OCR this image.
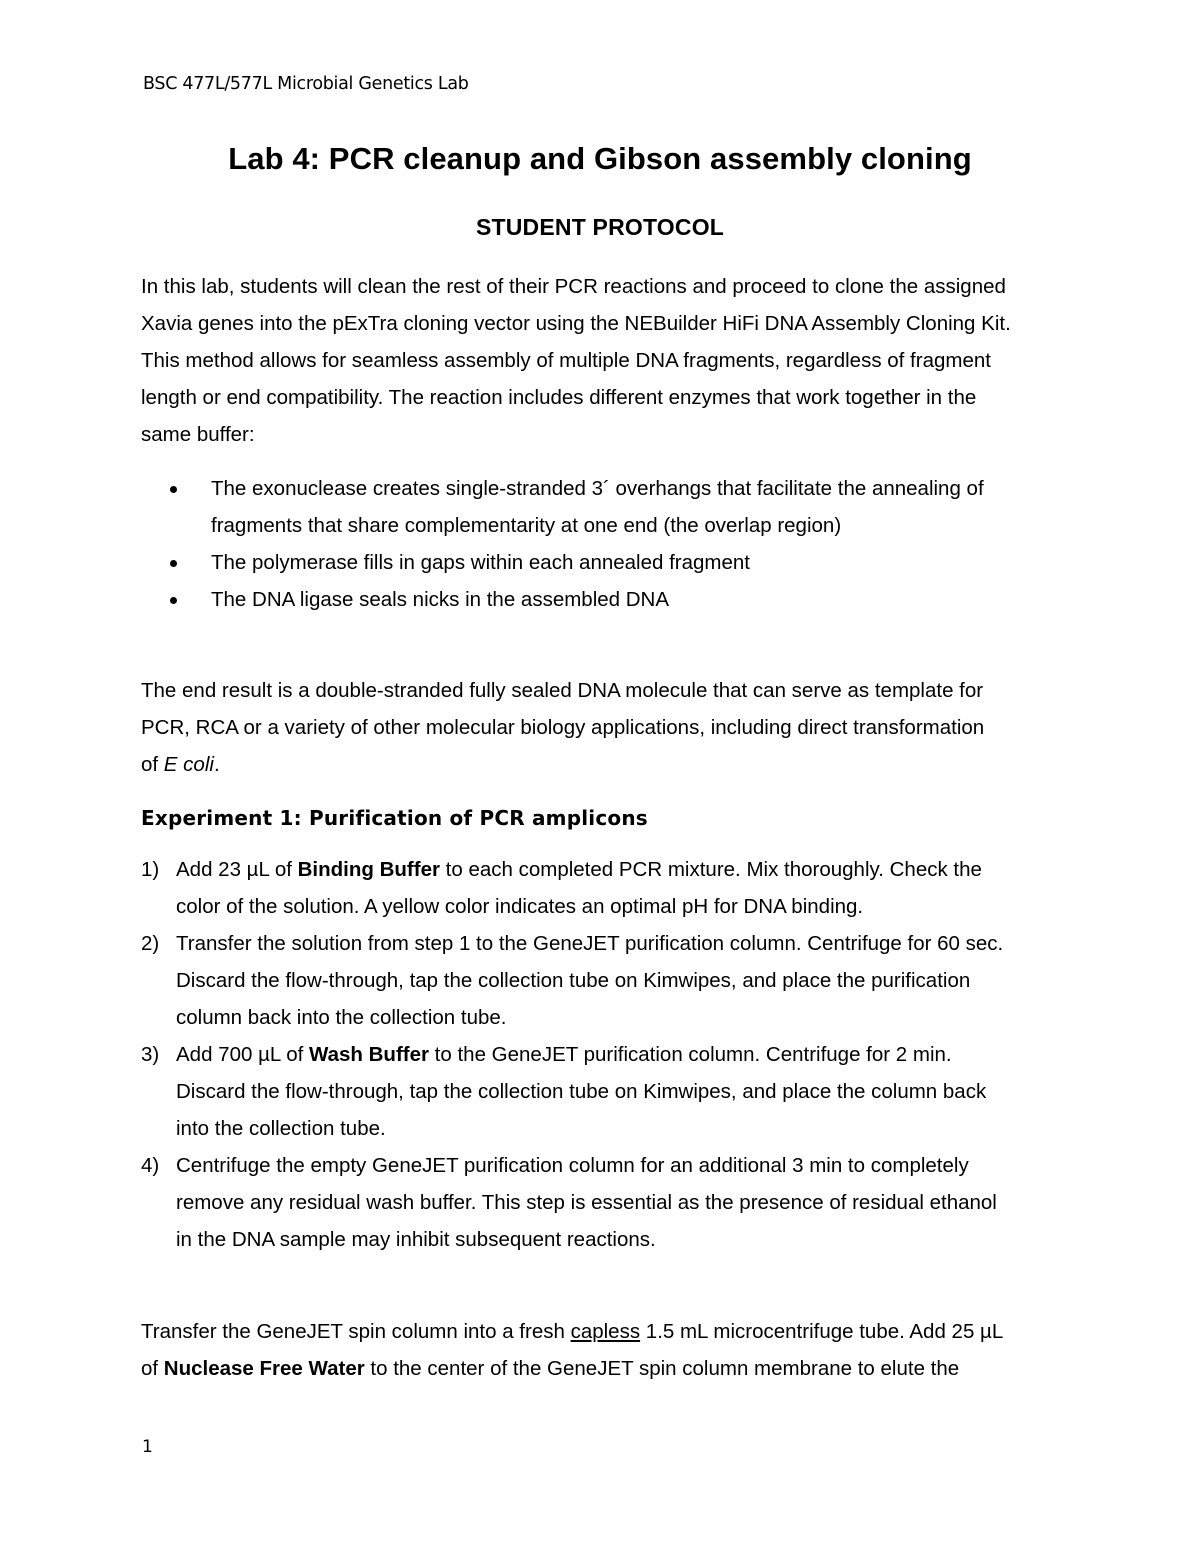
BSC 477L/577L Microbial Genetics Lab
Lab 4: PCR cleanup and Gibson assembly cloning
STUDENT PROTOCOL
In this lab, students will clean the rest of their PCR reactions and proceed to clone the assigned
Xavia genes into the pExTra cloning vector using the NEBuilder HiFi DNA Assembly Cloning Kit.
This method allows for seamless assembly of multiple DNA fragments, regardless of fragment
length or end compatibility. The reaction includes different enzymes that work together in the
same buffer:
The exonuclease creates single-stranded 3´ overhangs that facilitate the annealing of
fragments that share complementarity at one end (the overlap region)
The polymerase fills in gaps within each annealed fragment
The DNA ligase seals nicks in the assembled DNA
The end result is a double-stranded fully sealed DNA molecule that can serve as template for
PCR, RCA or a variety of other molecular biology applications, including direct transformation
of E coli.
Experiment 1: Purification of PCR amplicons
1) Add 23 µL of Binding Buffer to each completed PCR mixture. Mix thoroughly. Check the
color of the solution. A yellow color indicates an optimal pH for DNA binding.
2) Transfer the solution from step 1 to the GeneJET purification column. Centrifuge for 60 sec.
Discard the flow-through, tap the collection tube on Kimwipes, and place the purification
column back into the collection tube.
3) Add 700 µL of Wash Buffer to the GeneJET purification column. Centrifuge for 2 min.
Discard the flow-through, tap the collection tube on Kimwipes, and place the column back
into the collection tube.
4) Centrifuge the empty GeneJET purification column for an additional 3 min to completely
remove any residual wash buffer. This step is essential as the presence of residual ethanol
in the DNA sample may inhibit subsequent reactions.
Transfer the GeneJET spin column into a fresh capless 1.5 mL microcentrifuge tube. Add 25 µL
of Nuclease Free Water to the center of the GeneJET spin column membrane to elute the
1
